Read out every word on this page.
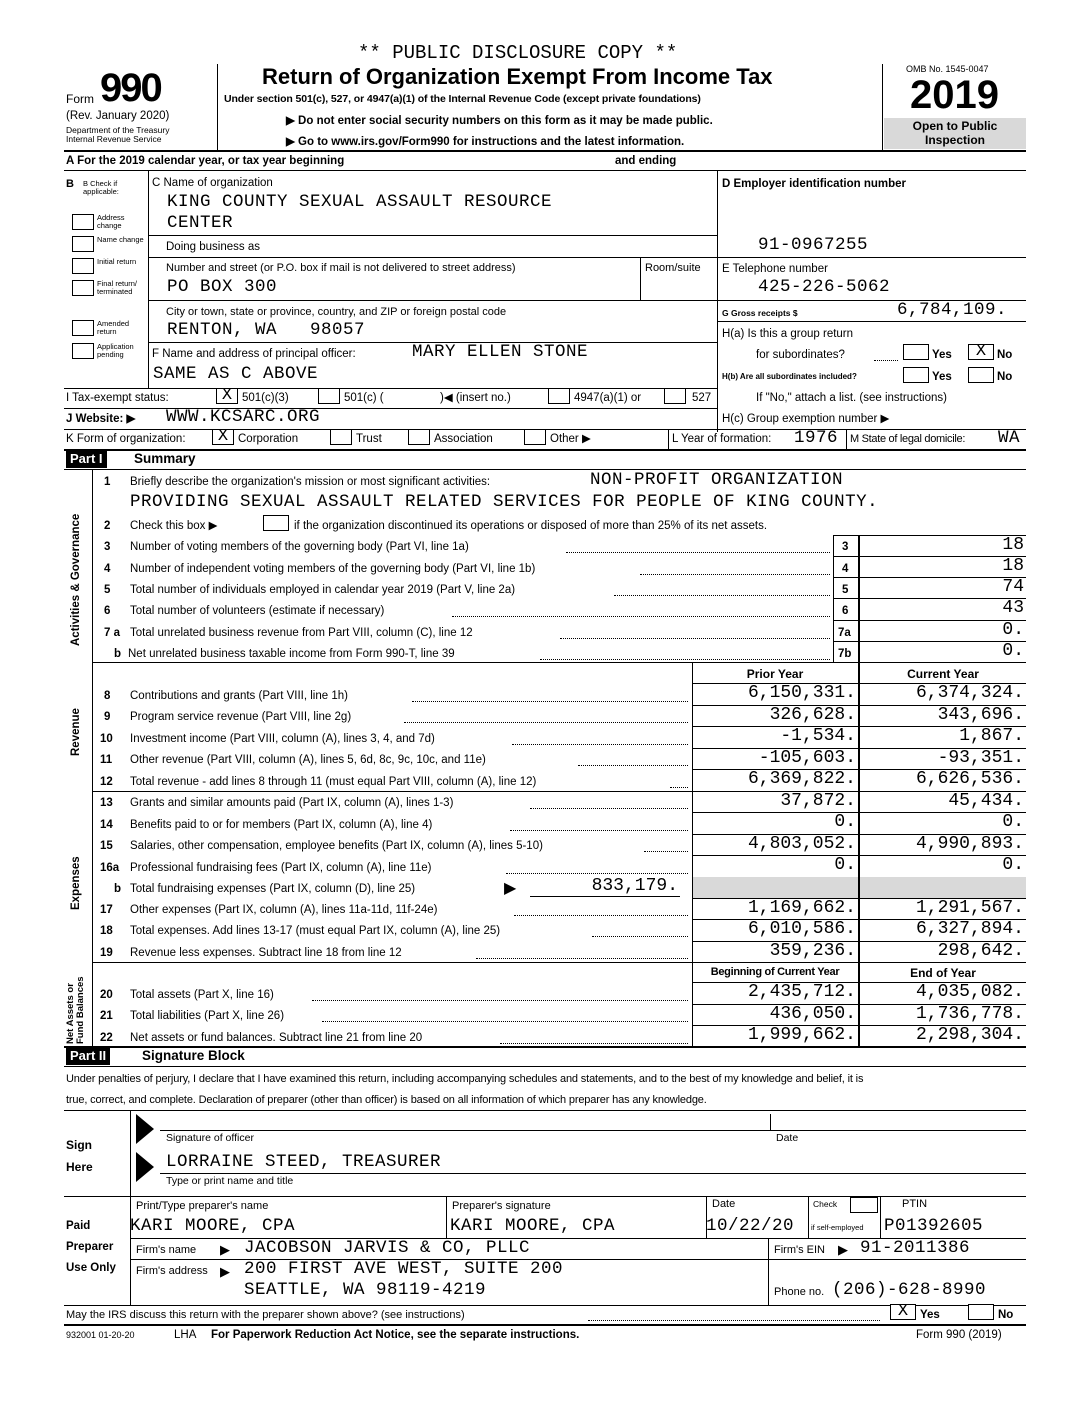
** PUBLIC DISCLOSURE COPY **
Form 990
(Rev. January 2020)
Department of the Treasury
Internal Revenue Service
Return of Organization Exempt From Income Tax
Under section 501(c), 527, or 4947(a)(1) of the Internal Revenue Code (except private foundations)
▶ Do not enter social security numbers on this form as it may be made public.
▶ Go to www.irs.gov/Form990 for instructions and the latest information.
OMB No. 1545-0047
2019
Open to Public
Inspection
A For the 2019 calendar year, or tax year beginning	and ending
B B Check if applicable:
Address change
Name change
Initial return
Final return/ terminated
Amended return
Application pending
C Name of organization
KING COUNTY SEXUAL ASSAULT RESOURCE
CENTER
Doing business as
Number and street (or P.O. box if mail is not delivered to street address)	Room/suite
PO BOX 300
City or town, state or province, country, and ZIP or foreign postal code
RENTON, WA   98057
F Name and address of principal officer:	MARY ELLEN STONE
SAME AS C ABOVE
D Employer identification number
91-0967255
E Telephone number
425-226-5062
G Gross receipts $	6,784,109.
H(a) Is this a group return
for subordinates?	Yes	X No
H(b) Are all subordinates included?	Yes	No
If "No," attach a list. (see instructions)
H(c) Group exemption number ▶
I Tax-exempt status:	X 501(c)(3)	501(c) (	)◀ (insert no.)	4947(a)(1) or	527
J Website: ▶ WWW.KCSARC.ORG
K Form of organization:	X Corporation	Trust	Association	Other ▶	L Year of formation: 1976 M State of legal domicile: WA
Part I Summary
Activities & Governance
Revenue
Expenses
Net Assets or Fund Balances
1 Briefly describe the organization's mission or most significant activities:	NON-PROFIT ORGANIZATION
PROVIDING SEXUAL ASSAULT RELATED SERVICES FOR PEOPLE OF KING COUNTY.
2 Check this box ▶	if the organization discontinued its operations or disposed of more than 25% of its net assets.
3 Number of voting members of the governing body (Part VI, line 1a)	3	18
4 Number of independent voting members of the governing body (Part VI, line 1b)	4	18
5 Total number of individuals employed in calendar year 2019 (Part V, line 2a)	5	74
6 Total number of volunteers (estimate if necessary)	6	43
7 a Total unrelated business revenue from Part VIII, column (C), line 12	7a	0.
b Net unrelated business taxable income from Form 990-T, line 39	7b	0.
Prior Year	Current Year
8 Contributions and grants (Part VIII, line 1h)	6,150,331.	6,374,324.
9 Program service revenue (Part VIII, line 2g)	326,628.	343,696.
10 Investment income (Part VIII, column (A), lines 3, 4, and 7d)	-1,534.	1,867.
11 Other revenue (Part VIII, column (A), lines 5, 6d, 8c, 9c, 10c, and 11e)	-105,603.	-93,351.
12 Total revenue - add lines 8 through 11 (must equal Part VIII, column (A), line 12)	6,369,822.	6,626,536.
13 Grants and similar amounts paid (Part IX, column (A), lines 1-3)	37,872.	45,434.
14 Benefits paid to or for members (Part IX, column (A), line 4)	0.	0.
15 Salaries, other compensation, employee benefits (Part IX, column (A), lines 5-10)	4,803,052.	4,990,893.
16a Professional fundraising fees (Part IX, column (A), line 11e)	0.	0.
b Total fundraising expenses (Part IX, column (D), line 25)	▶	833,179.
17 Other expenses (Part IX, column (A), lines 11a-11d, 11f-24e)	1,169,662.	1,291,567.
18 Total expenses. Add lines 13-17 (must equal Part IX, column (A), line 25)	6,010,586.	6,327,894.
19 Revenue less expenses. Subtract line 18 from line 12	359,236.	298,642.
Beginning of Current Year	End of Year
20 Total assets (Part X, line 16)	2,435,712.	4,035,082.
21 Total liabilities (Part X, line 26)	436,050.	1,736,778.
22 Net assets or fund balances. Subtract line 21 from line 20	1,999,662.	2,298,304.
Part II	Signature Block
Under penalties of perjury, I declare that I have examined this return, including accompanying schedules and statements, and to the best of my knowledge and belief, it is
true, correct, and complete. Declaration of preparer (other than officer) is based on all information of which preparer has any knowledge.
Sign
Here
Signature of officer	Date
LORRAINE STEED, TREASURER
Type or print name and title
Paid
Preparer
Use Only
Print/Type preparer's name	Preparer's signature	Date	Check
if self-employed
PTIN
KARI MOORE, CPA	KARI MOORE, CPA	10/22/20	P01392605
Firm's name ▶ JACOBSON JARVIS & CO, PLLC	Firm's EIN ▶ 91-2011386
Firm's address ▶ 200 FIRST AVE WEST, SUITE 200
SEATTLE, WA 98119-4219	Phone no. (206)-628-8990
May the IRS discuss this return with the preparer shown above? (see instructions)	X	Yes	No
932001 01-20-20	LHA For Paperwork Reduction Act Notice, see the separate instructions.	Form 990 (2019)
